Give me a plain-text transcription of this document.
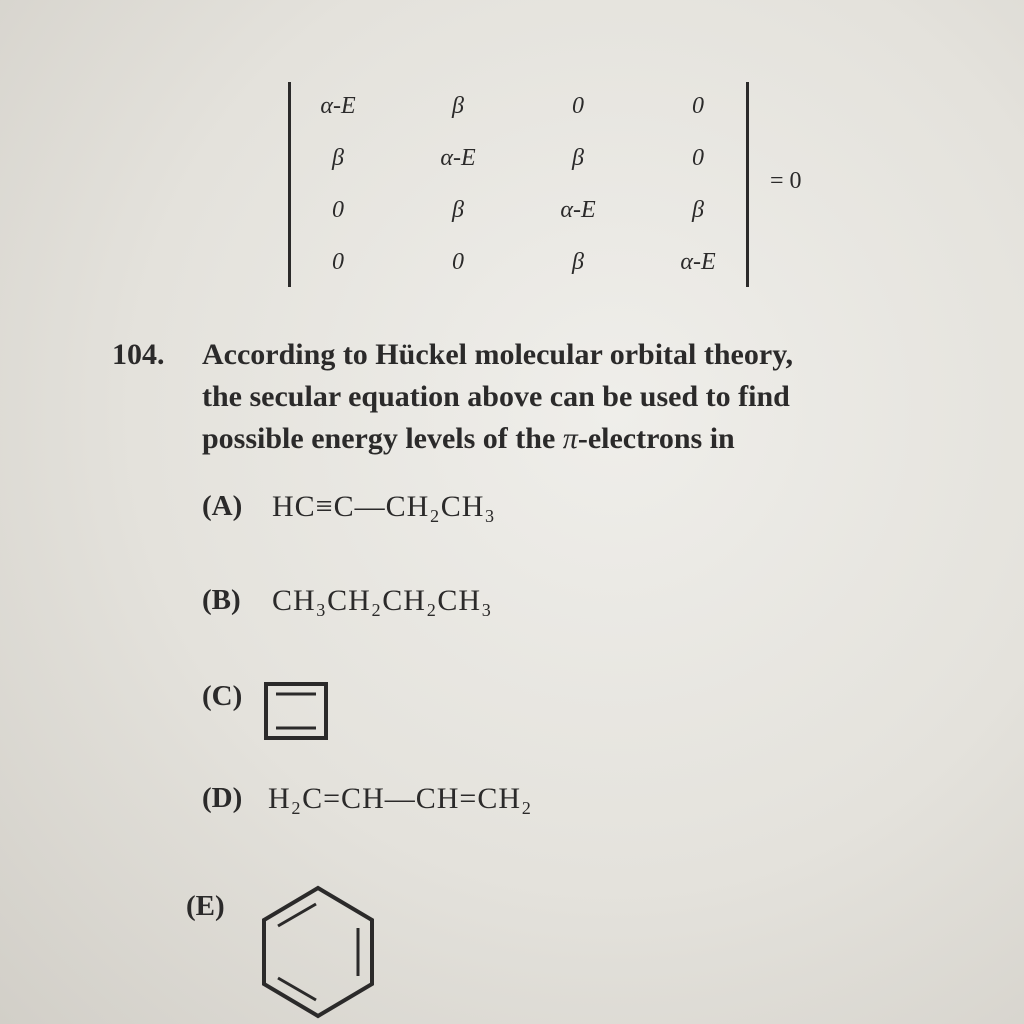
α-E	β	0	0
β	α-E	β	0
0	β	α-E	β
0	0	β	α-E
= 0
104. According to Hückel molecular orbital theory,
the secular equation above can be used to find
possible energy levels of the π-electrons in
(A) HC≡C—CH₂CH₃
(B) CH₃CH₂CH₂CH₃
(C)
(D) H₂C=CH—CH=CH₂
(E)
